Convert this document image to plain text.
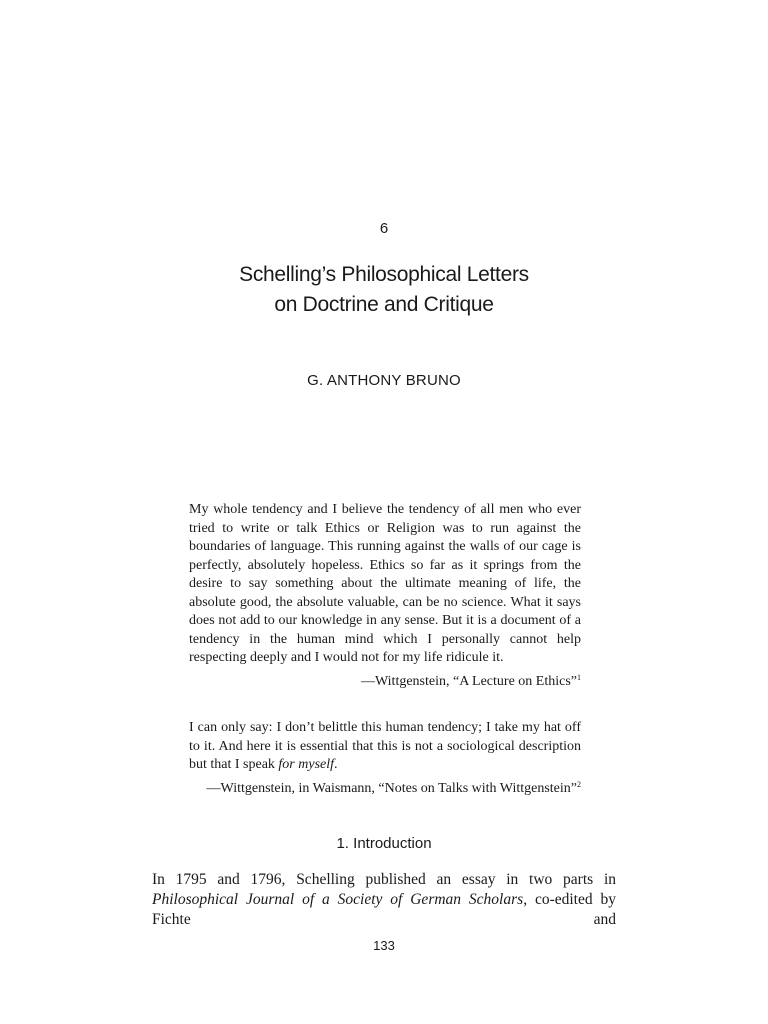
6
Schelling’s Philosophical Letters
on Doctrine and Critique
G. ANTHONY BRUNO

My whole tendency and I believe the tendency of all men who ever tried to write or talk Ethics or Religion was to run against the boundaries of language. This running against the walls of our cage is perfectly, absolutely hopeless. Ethics so far as it springs from the desire to say something about the ultimate meaning of life, the absolute good, the absolute valuable, can be no science. What it says does not add to our knowledge in any sense. But it is a document of a tendency in the human mind which I personally cannot help respecting deeply and I would not for my life ridicule it.

—Wittgenstein, “A Lecture on Ethics”$^1$

I can only say: I don’t belittle this human tendency; I take my hat off to it. And here it is essential that this is not a sociological description but that I speak for myself.

—Wittgenstein, in Waismann, “Notes on Talks with Wittgenstein”$^2$
1. Introduction

In 1795 and 1796, Schelling published an essay in two parts in Philosophical Journal of a Society of German Scholars, co-edited by Fichte and

133
